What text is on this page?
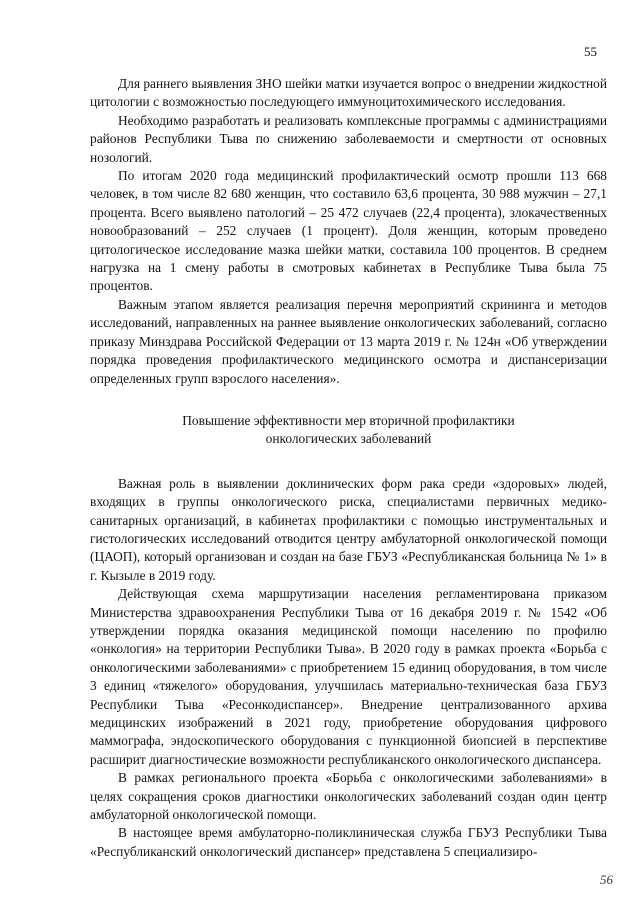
55

Для раннего выявления ЗНО шейки матки изучается вопрос о внедрении жидкостной цитологии с возможностью последующего иммуноцитохимического исследования.

Необходимо разработать и реализовать комплексные программы с администрациями районов Республики Тыва по снижению заболеваемости и смертности от основных нозологий.

По итогам 2020 года медицинский профилактический осмотр прошли 113 668 человек, в том числе 82 680 женщин, что составило 63,6 процента, 30 988 мужчин – 27,1 процента. Всего выявлено патологий – 25 472 случаев (22,4 процента), злокачественных новообразований – 252 случаев (1 процент). Доля женщин, которым проведено цитологическое исследование мазка шейки матки, составила 100 процентов. В среднем нагрузка на 1 смену работы в смотровых кабинетах в Республике Тыва была 75 процентов.

Важным этапом является реализация перечня мероприятий скрининга и методов исследований, направленных на раннее выявление онкологических заболеваний, согласно приказу Минздрава Российской Федерации от 13 марта 2019 г. № 124н «Об утверждении порядка проведения профилактического медицинского осмотра и диспансеризации определенных групп взрослого населения».

Повышение эффективности мер вторичной профилактики
онкологических заболеваний

Важная роль в выявлении доклинических форм рака среди «здоровых» людей, входящих в группы онкологического риска, специалистами первичных медико-санитарных организаций, в кабинетах профилактики с помощью инструментальных и гистологических исследований отводится центру амбулаторной онкологической помощи (ЦАОП), который организован и создан на базе ГБУЗ «Республиканская больница № 1» в г. Кызыле в 2019 году.

Действующая схема маршрутизации населения регламентирована приказом Министерства здравоохранения Республики Тыва от 16 декабря 2019 г. № 1542 «Об утверждении порядка оказания медицинской помощи населению по профилю «онкология» на территории Республики Тыва». В 2020 году в рамках проекта «Борьба с онкологическими заболеваниями» с приобретением 15 единиц оборудования, в том числе 3 единиц «тяжелого» оборудования, улучшилась материально-техническая база ГБУЗ Республики Тыва «Ресонкодиспансер». Внедрение централизованного архива медицинских изображений в 2021 году, приобретение оборудования цифрового маммографа, эндоскопического оборудования с пункционной биопсией в перспективе расширит диагностические возможности республиканского онкологического диспансера.

В рамках регионального проекта «Борьба с онкологическими заболеваниями» в целях сокращения сроков диагностики онкологических заболеваний создан один центр амбулаторной онкологической помощи.

В настоящее время амбулаторно-поликлиническая служба ГБУЗ Республики Тыва «Республиканский онкологический диспансер» представлена 5 специализиро-

56
